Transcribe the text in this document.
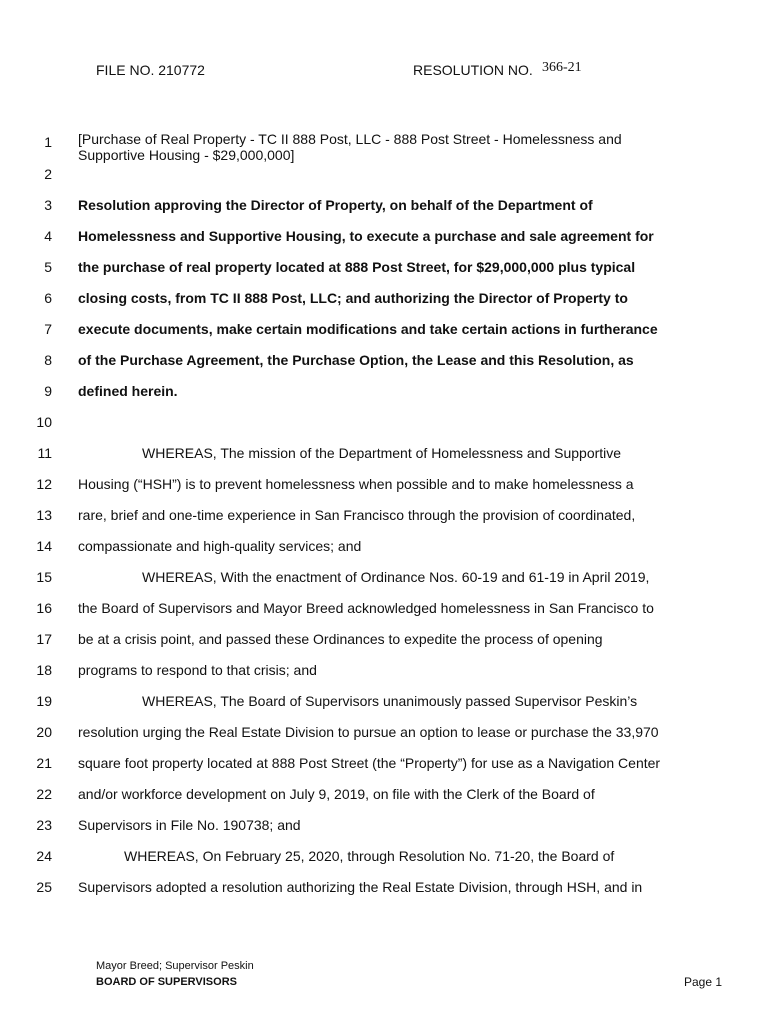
FILE NO. 210772	RESOLUTION NO. 366-21
1
2
3
4
5
6
7
8
9
10
11
12
13
14
15
16
17
18
19
20
21
22
23
24
25
[Purchase of Real Property - TC II 888 Post, LLC - 888 Post Street - Homelessness and
Supportive Housing - $29,000,000]
Resolution approving the Director of Property, on behalf of the Department of
Homelessness and Supportive Housing, to execute a purchase and sale agreement for
the purchase of real property located at 888 Post Street, for $29,000,000 plus typical
closing costs, from TC II 888 Post, LLC; and authorizing the Director of Property to
execute documents, make certain modifications and take certain actions in furtherance
of the Purchase Agreement, the Purchase Option, the Lease and this Resolution, as
defined herein.
WHEREAS, The mission of the Department of Homelessness and Supportive
Housing (“HSH”) is to prevent homelessness when possible and to make homelessness a
rare, brief and one-time experience in San Francisco through the provision of coordinated,
compassionate and high-quality services; and
WHEREAS, With the enactment of Ordinance Nos. 60-19 and 61-19 in April 2019,
the Board of Supervisors and Mayor Breed acknowledged homelessness in San Francisco to
be at a crisis point, and passed these Ordinances to expedite the process of opening
programs to respond to that crisis; and
WHEREAS, The Board of Supervisors unanimously passed Supervisor Peskin’s
resolution urging the Real Estate Division to pursue an option to lease or purchase the 33,970
square foot property located at 888 Post Street (the “Property”) for use as a Navigation Center
and/or workforce development on July 9, 2019, on file with the Clerk of the Board of
Supervisors in File No. 190738; and
WHEREAS, On February 25, 2020, through Resolution No. 71-20, the Board of
Supervisors adopted a resolution authorizing the Real Estate Division, through HSH, and in
Mayor Breed; Supervisor Peskin
BOARD OF SUPERVISORS	Page 1
